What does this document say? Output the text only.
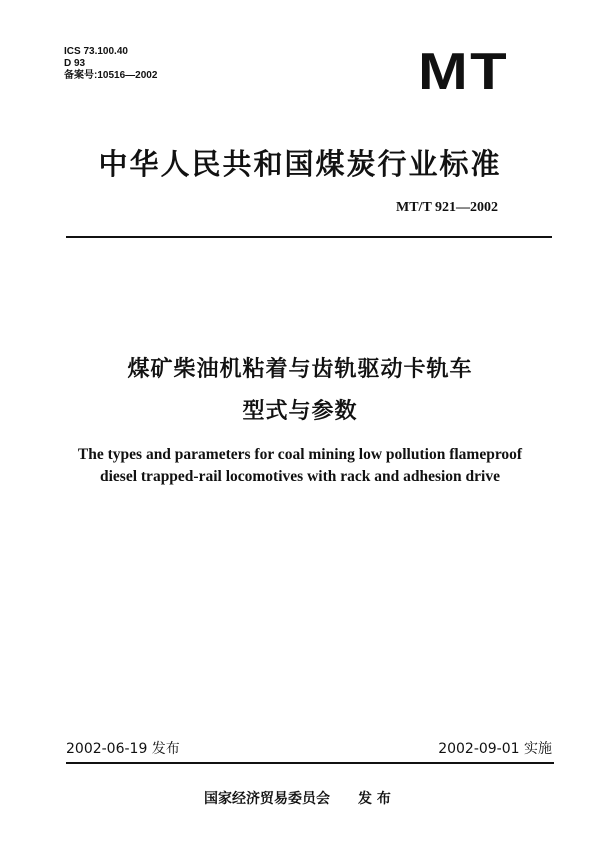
ICS 73.100.40
D 93
备案号:10516—2002	MT
中华人民共和国煤炭行业标准
MT/T 921—2002
煤矿柴油机粘着与齿轨驱动卡轨车
型式与参数
The types and parameters for coal mining low pollution flameproof
diesel trapped-rail locomotives with rack and adhesion drive
2002-06-19 发布	2002-09-01 实施
国家经济贸易委员会 发 布
